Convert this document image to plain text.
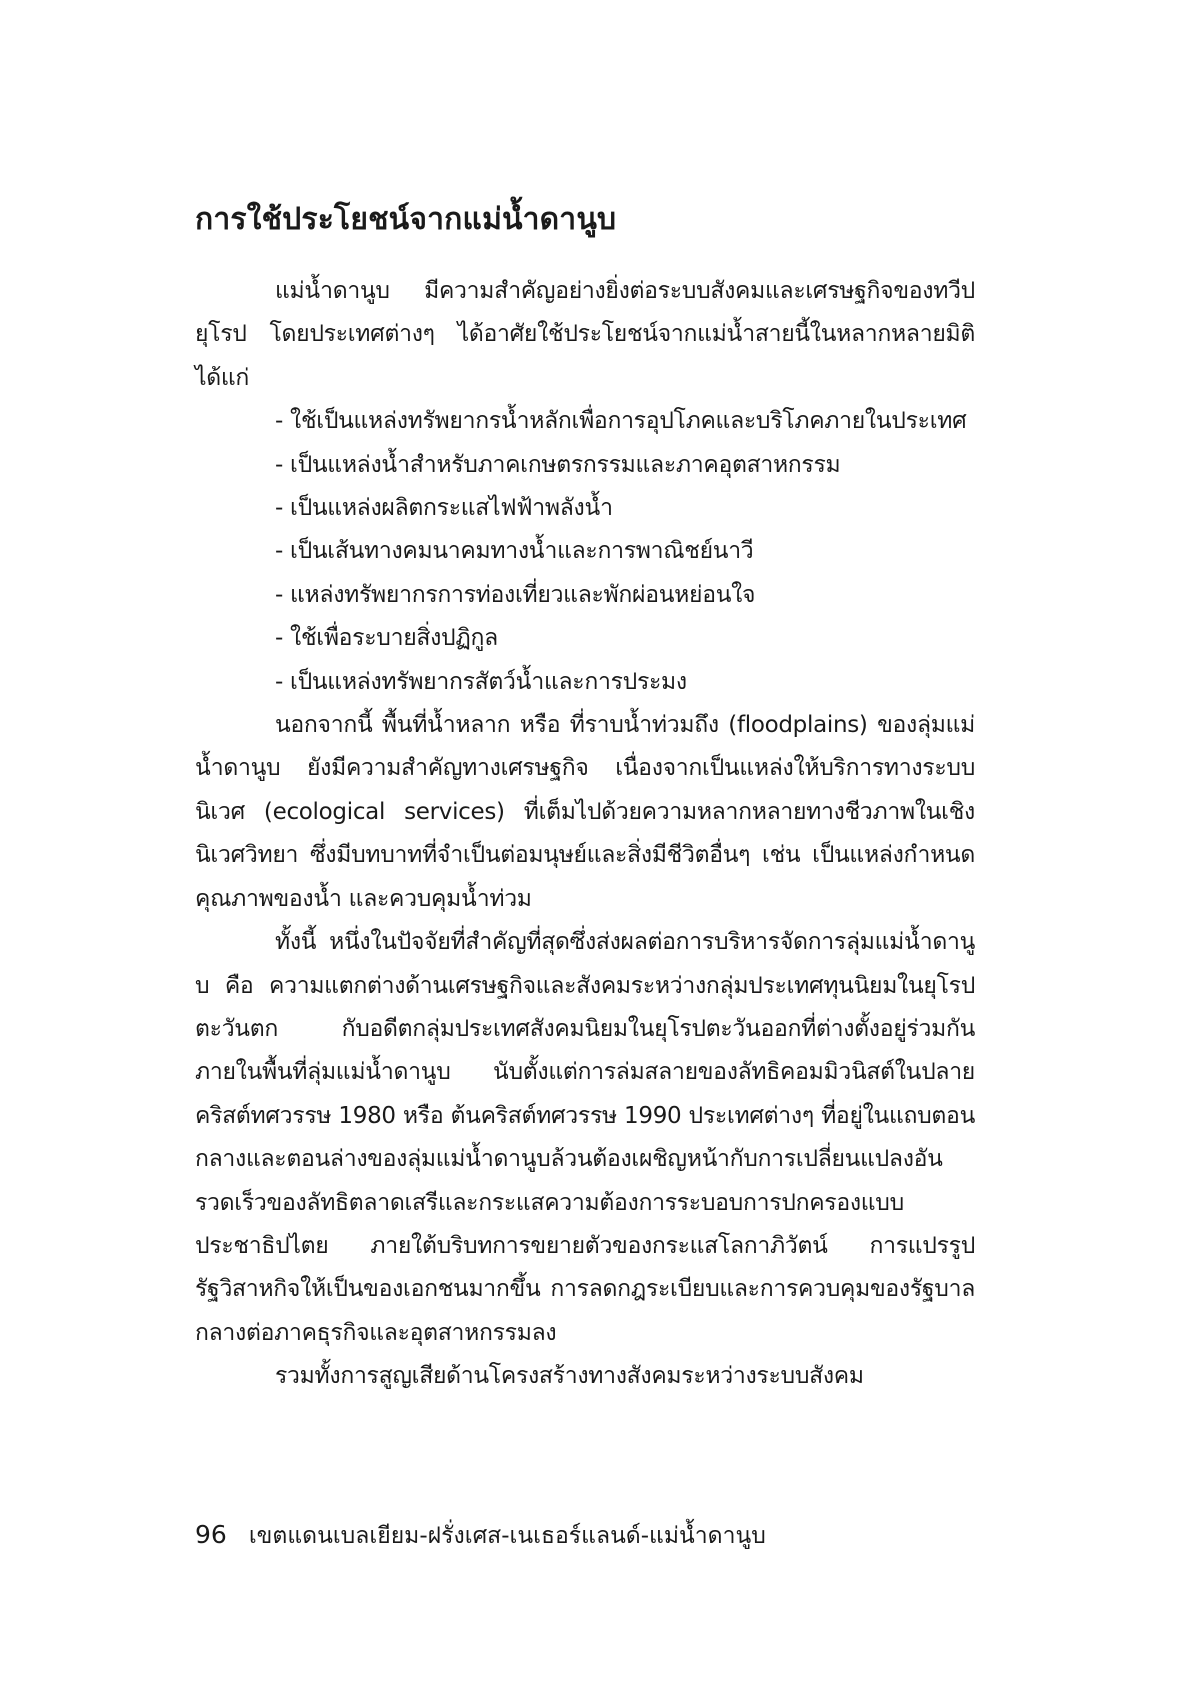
การใช้ประโยชน์จากแม่น้ำดานูบ

แม่น้ำดานูบ มีความสำคัญอย่างยิ่งต่อระบบสังคมและเศรษฐกิจของทวีปยุโรป โดยประเทศต่างๆ ได้อาศัยใช้ประโยชน์จากแม่น้ำสายนี้ในหลากหลายมิติ ได้แก่

- ใช้เป็นแหล่งทรัพยากรน้ำหลักเพื่อการอุปโภคและบริโภคภายในประเทศ
- เป็นแหล่งน้ำสำหรับภาคเกษตรกรรมและภาคอุตสาหกรรม
- เป็นแหล่งผลิตกระแสไฟฟ้าพลังน้ำ
- เป็นเส้นทางคมนาคมทางน้ำและการพาณิชย์นาวี
- แหล่งทรัพยากรการท่องเที่ยวและพักผ่อนหย่อนใจ
- ใช้เพื่อระบายสิ่งปฏิกูล
- เป็นแหล่งทรัพยากรสัตว์น้ำและการประมง

นอกจากนี้ พื้นที่น้ำหลาก หรือ ที่ราบน้ำท่วมถึง (floodplains) ของลุ่มแม่น้ำดานูบ ยังมีความสำคัญทางเศรษฐกิจ เนื่องจากเป็นแหล่งให้บริการทางระบบนิเวศ (ecological services) ที่เต็มไปด้วยความหลากหลายทางชีวภาพในเชิงนิเวศวิทยา ซึ่งมีบทบาทที่จำเป็นต่อมนุษย์และสิ่งมีชีวิตอื่นๆ เช่น เป็นแหล่งกำหนดคุณภาพของน้ำ และควบคุมน้ำท่วม

ทั้งนี้ หนึ่งในปัจจัยที่สำคัญที่สุดซึ่งส่งผลต่อการบริหารจัดการลุ่มแม่น้ำดานูบ คือ ความแตกต่างด้านเศรษฐกิจและสังคมระหว่างกลุ่มประเทศทุนนิยมในยุโรปตะวันตก กับอดีตกลุ่มประเทศสังคมนิยมในยุโรปตะวันออกที่ต่างตั้งอยู่ร่วมกันภายในพื้นที่ลุ่มแม่น้ำดานูบ นับตั้งแต่การล่มสลายของลัทธิคอมมิวนิสต์ในปลายคริสต์ทศวรรษ 1980 หรือ ต้นคริสต์ทศวรรษ 1990 ประเทศต่างๆ ที่อยู่ในแถบตอนกลางและตอนล่างของลุ่มแม่น้ำดานูบล้วนต้องเผชิญหน้ากับการเปลี่ยนแปลงอันรวดเร็วของลัทธิตลาดเสรีและกระแสความต้องการระบอบการปกครองแบบประชาธิปไตย ภายใต้บริบทการขยายตัวของกระแสโลกาภิวัตน์ การแปรรูปรัฐวิสาหกิจให้เป็นของเอกชนมากขึ้น การลดกฎระเบียบและการควบคุมของรัฐบาลกลางต่อภาคธุรกิจและอุตสาหกรรมลง

รวมทั้งการสูญเสียด้านโครงสร้างทางสังคมระหว่างระบบสังคม

96 เขตแดนเบลเยียม-ฝรั่งเศส-เนเธอร์แลนด์-แม่น้ำดานูบ
